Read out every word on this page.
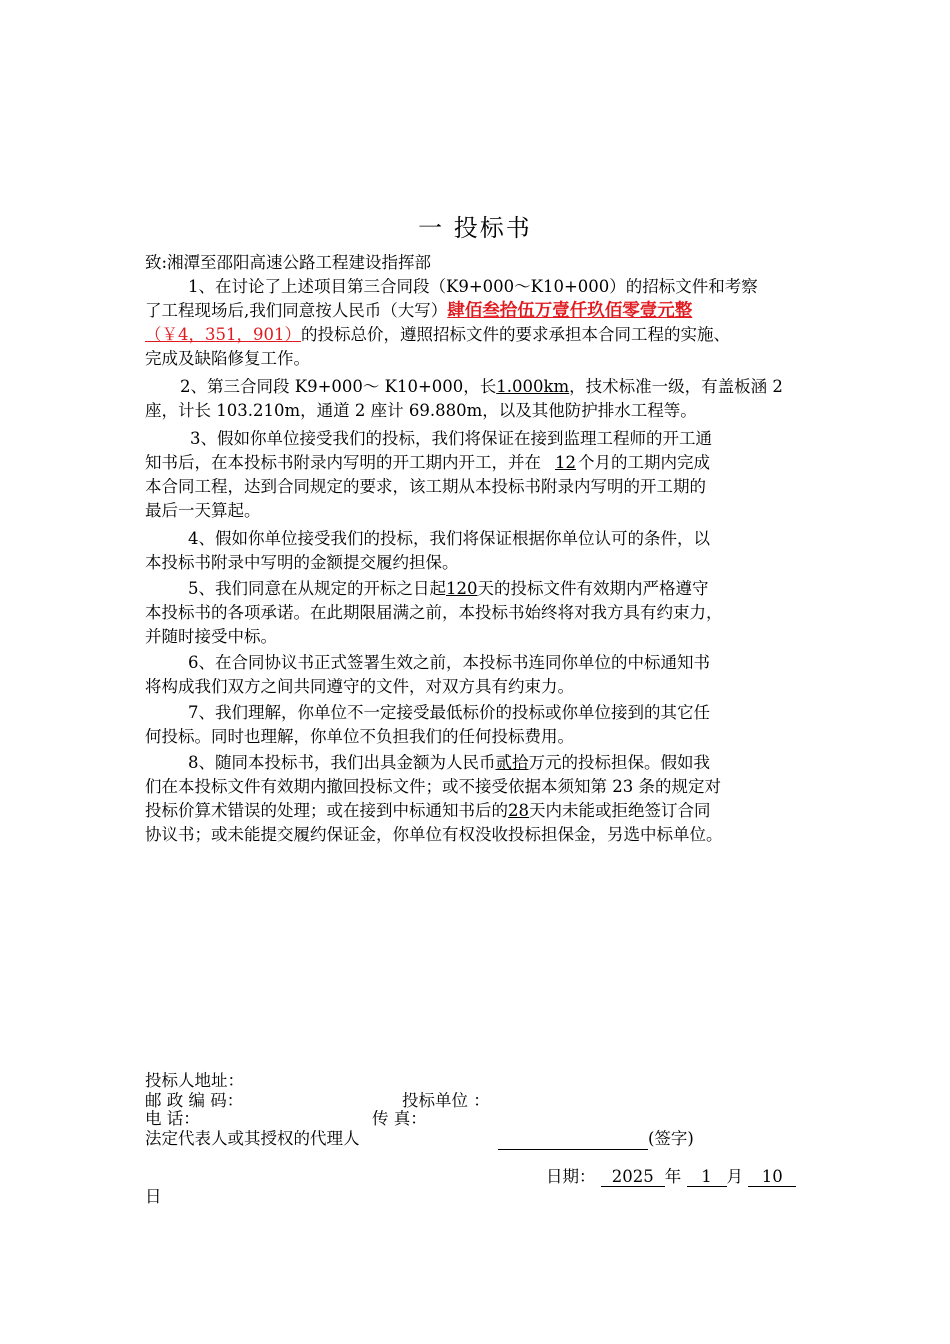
一 投标书
致:湘潭至邵阳高速公路工程建设指挥部
1、在讨论了上述项目第三合同段（K9+000～K10+000）的招标文件和考察
了工程现场后,我们同意按人民币（大写）肆佰叁拾伍万壹仟玖佰零壹元整
（￥4，351，901）的投标总价，遵照招标文件的要求承担本合同工程的实施、
完成及缺陷修复工作。
2、第三合同段 K9+000～ K10+000，长1.000km，技术标准一级，有盖板涵 2
座，计长 103.210m，通道 2 座计 69.880m，以及其他防护排水工程等。
3、假如你单位接受我们的投标，我们将保证在接到监理工程师的开工通
知书后，在本投标书附录内写明的开工期内开工，并在 12 个月的工期内完成
本合同工程，达到合同规定的要求，该工期从本投标书附录内写明的开工期的
最后一天算起。
4、假如你单位接受我们的投标，我们将保证根据你单位认可的条件，以
本投标书附录中写明的金额提交履约担保。
5、我们同意在从规定的开标之日起120天的投标文件有效期内严格遵守
本投标书的各项承诺。在此期限届满之前，本投标书始终将对我方具有约束力，
并随时接受中标。
6、在合同协议书正式签署生效之前，本投标书连同你单位的中标通知书
将构成我们双方之间共同遵守的文件，对双方具有约束力。
7、我们理解，你单位不一定接受最低标价的投标或你单位接到的其它任
何投标。同时也理解，你单位不负担我们的任何投标费用。
8、随同本投标书，我们出具金额为人民币贰拾万元的投标担保。假如我
们在本投标文件有效期内撤回投标文件；或不接受依据本须知第 23 条的规定对
投标价算术错误的处理；或在接到中标通知书后的28天内未能或拒绝签订合同
协议书；或未能提交履约保证金，你单位有权没收投标担保金，另选中标单位。
投标人地址：
邮 政 编 码：	投标单位 ：
电 话：	传 真：
法定代表人或其授权的代理人	(签字)
日期： 2025 年 1 月 10
日
